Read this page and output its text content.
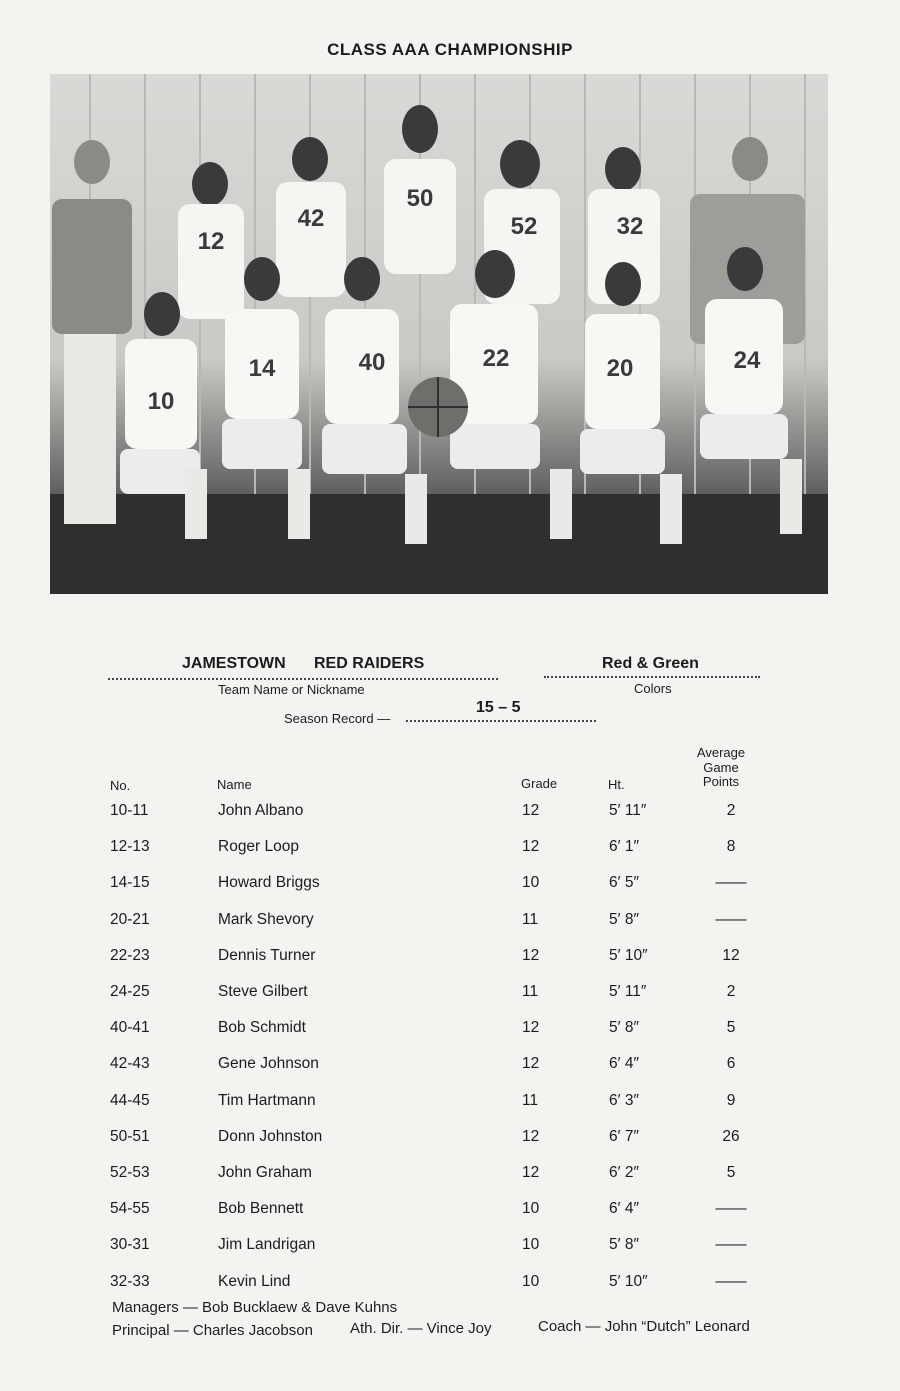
CLASS AAA CHAMPIONSHIP
12
42
50
52	32
10
14	40	22	20	24
JAMESTOWN RED RAIDERS
Team Name or Nickname
Red & Green
Colors
Season Record —
15 – 5
No.	Name	Grade	Ht.
Average
Game
Points
10-11	John Albano	12	5′ 11″	2
12-13	Roger Loop	12	6′ 1″	8
14-15	Howard Briggs	10	6′ 5″	——
20-21	Mark Shevory	11	5′ 8″	——
22-23	Dennis Turner	12	5′ 10″	12
24-25	Steve Gilbert	11	5′ 11″	2
40-41	Bob Schmidt	12	5′ 8″	5
42-43	Gene Johnson	12	6′ 4″	6
44-45	Tim Hartmann	11	6′ 3″	9
50-51	Donn Johnston	12	6′ 7″	26
52-53	John Graham	12	6′ 2″	5
54-55	Bob Bennett	10	6′ 4″	——
30-31	Jim Landrigan	10	5′ 8″	——
32-33	Kevin Lind	10	5′ 10″	——
Managers — Bob Bucklaew & Dave Kuhns
Principal — Charles Jacobson Ath. Dir. — Vince Joy	Coach — John “Dutch” Leonard
